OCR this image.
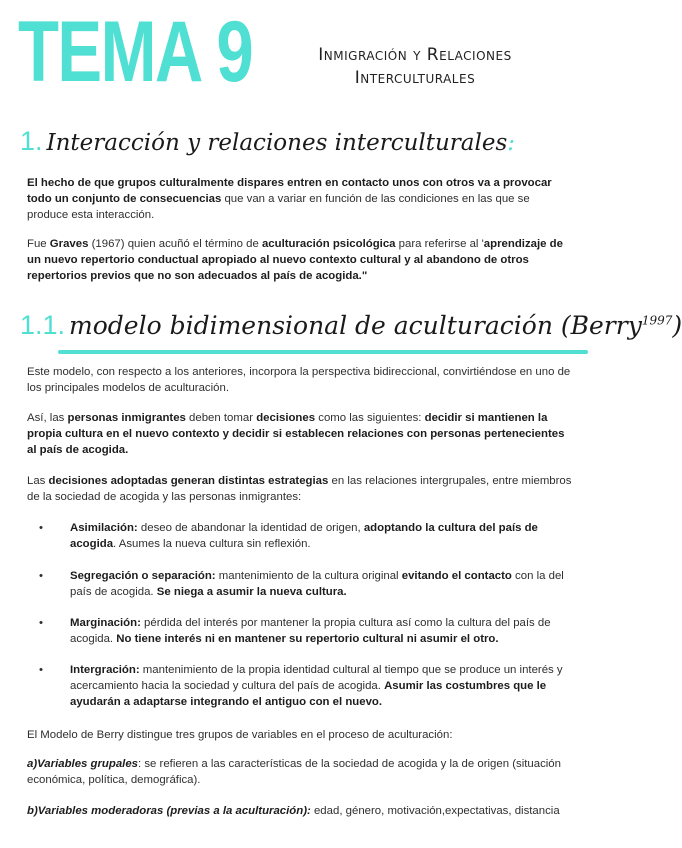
TEMA 9	Inmigración y Relaciones
Interculturales
1. Interacción y relaciones interculturales:

El hecho de que grupos culturalmente dispares entren en contacto unos con otros va a provocar todo un conjunto de consecuencias que van a variar en función de las condiciones en las que se produce esta interacción.

Fue Graves (1967) quien acuñó el término de aculturación psicológica para referirse al 'aprendizaje de un nuevo repertorio conductual apropiado al nuevo contexto cultural y al abandono de otros repertorios previos que no son adecuados al país de acogida."

1.1. modelo bidimensional de aculturación (Berry$^{1997}$)

Este modelo, con respecto a los anteriores, incorpora la perspectiva bidireccional, convirtiéndose en uno de los principales modelos de aculturación.

Así, las personas inmigrantes deben tomar decisiones como las siguientes: decidir si mantienen la propia cultura en el nuevo contexto y decidir si establecen relaciones con personas pertenecientes al país de acogida.

Las decisiones adoptadas generan distintas estrategias en las relaciones intergrupales, entre miembros de la sociedad de acogida y las personas inmigrantes:

• Asimilación: deseo de abandonar la identidad de origen, adoptando la cultura del país de acogida. Asumes la nueva cultura sin reflexión.
• Segregación o separación: mantenimiento de la cultura original evitando el contacto con la del país de acogida. Se niega a asumir la nueva cultura.
• Marginación: pérdida del interés por mantener la propia cultura así como la cultura del país de acogida. No tiene interés ni en mantener su repertorio cultural ni asumir el otro.
• Intergración: mantenimiento de la propia identidad cultural al tiempo que se produce un interés y acercamiento hacia la sociedad y cultura del país de acogida. Asumir las costumbres que le ayudarán a adaptarse integrando el antiguo con el nuevo.

El Modelo de Berry distingue tres grupos de variables en el proceso de aculturación:

a)Variables grupales: se refieren a las características de la sociedad de acogida y la de origen (situación económica, política, demográfica).

b)Variables moderadoras (previas a la aculturación): edad, género, motivación,expectativas, distancia
